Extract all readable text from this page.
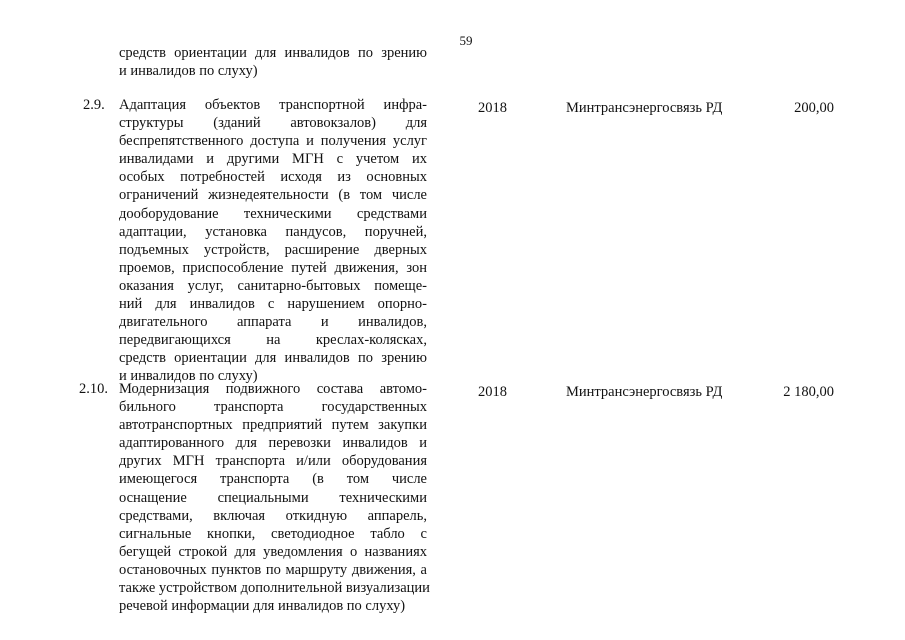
59
средств ориентации для инвалидов по зрению
и инвалидов по слуху)
2.9. Адаптация объектов транспортной инфра-
структуры (зданий автовокзалов) для
беспрепятственного доступа и получения услуг
инвалидами и другими МГН с учетом их
особых потребностей исходя из основных
ограничений жизнедеятельности (в том числе
дооборудование техническими средствами
адаптации, установка пандусов, поручней,
подъемных устройств, расширение дверных
проемов, приспособление путей движения, зон
оказания услуг, санитарно-бытовых помеще-
ний для инвалидов с нарушением опорно-
двигательного аппарата и инвалидов,
передвигающихся на креслах-колясках,
средств ориентации для инвалидов по зрению
и инвалидов по слуху)
2018	Минтрансэнергосвязь РД	200,00
2.10. Модернизация подвижного состава автомо-
бильного транспорта государственных
автотранспортных предприятий путем закупки
адаптированного для перевозки инвалидов и
других МГН транспорта и/или оборудования
имеющегося транспорта (в том числе
оснащение специальными техническими
средствами, включая откидную аппарель,
сигнальные кнопки, светодиодное табло с
бегущей строкой для уведомления о названиях
остановочных пунктов по маршруту движения, а
также устройством дополнительной визуализации
речевой информации для инвалидов по слуху)
2018	Минтрансэнергосвязь РД	2 180,00
